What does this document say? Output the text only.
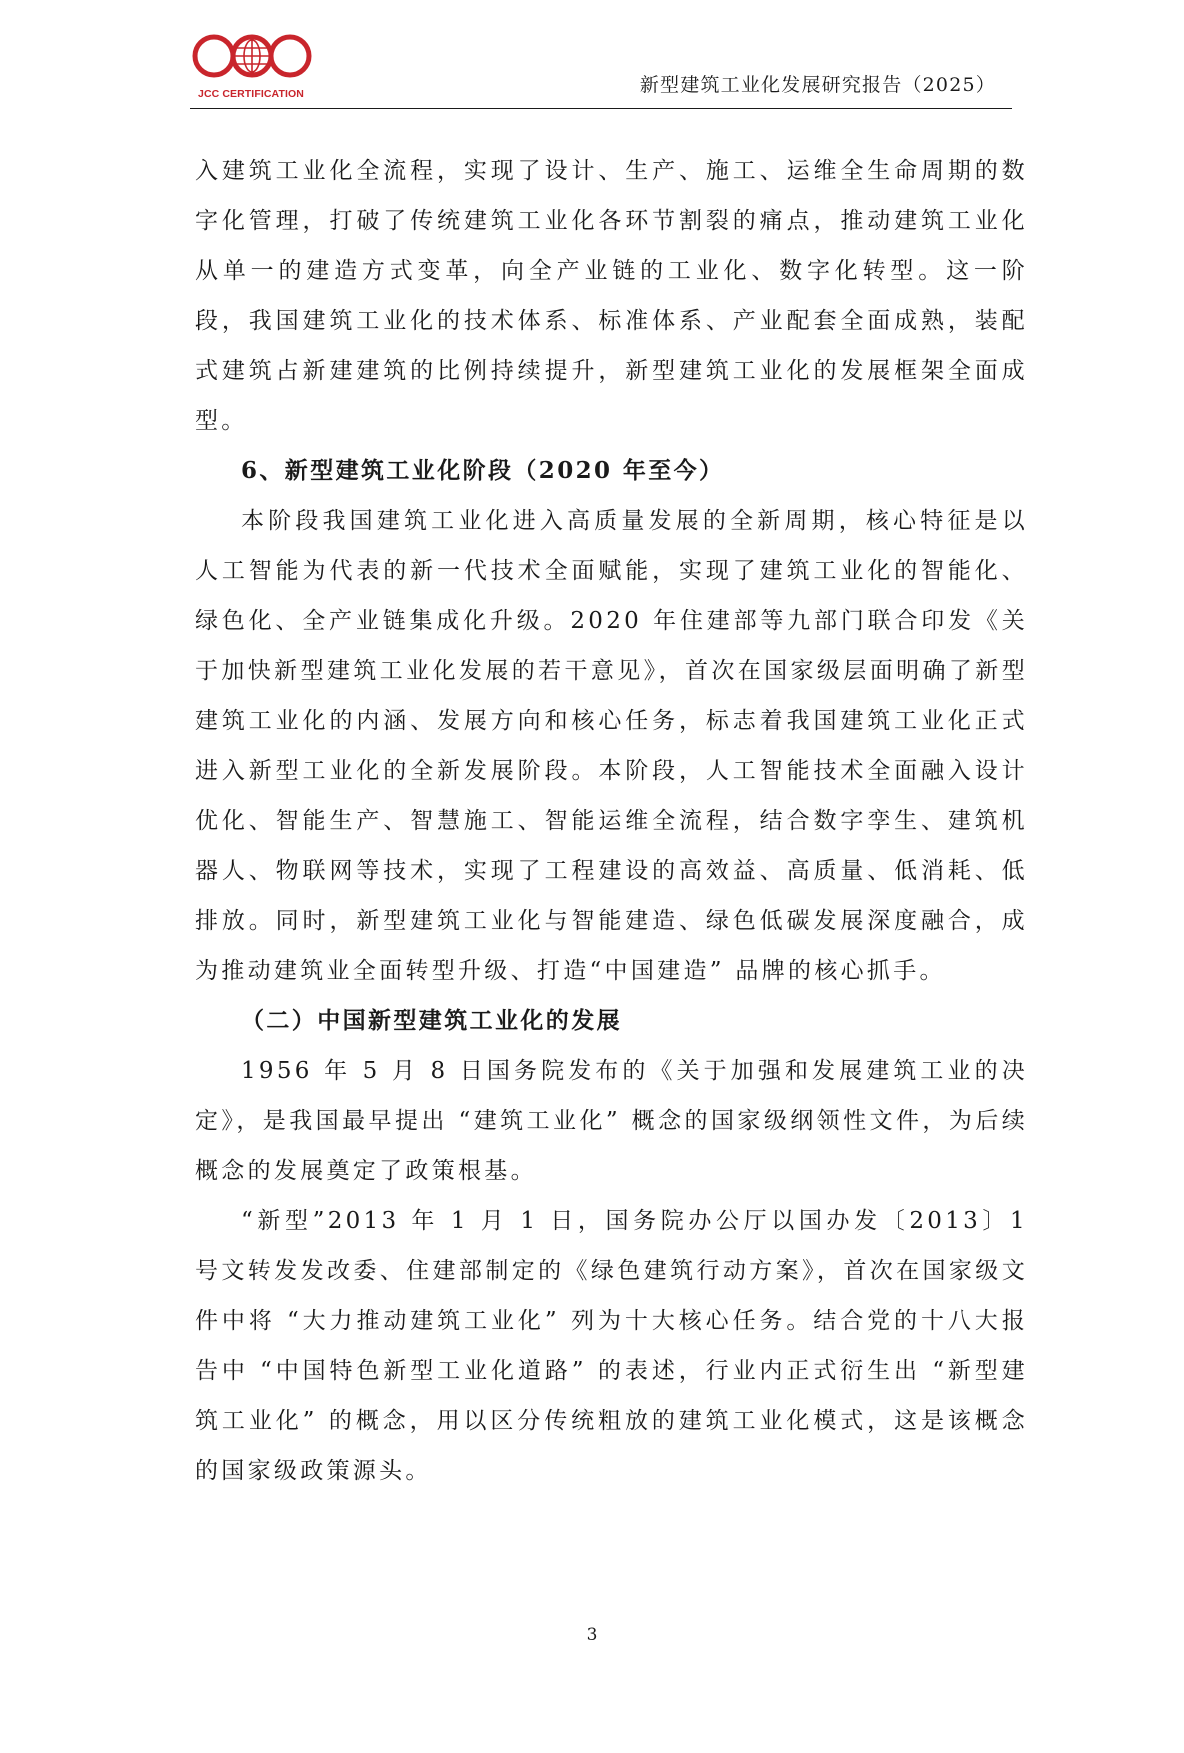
JCC CERTIFICATION	新型建筑工业化发展研究报告（2025）

入建筑工业化全流程，实现了设计、生产、施工、运维全生命周期的数字化管理，打破了传统建筑工业化各环节割裂的痛点，推动建筑工业化从单一的建造方式变革，向全产业链的工业化、数字化转型。这一阶段，我国建筑工业化的技术体系、标准体系、产业配套全面成熟，装配式建筑占新建建筑的比例持续提升，新型建筑工业化的发展框架全面成型。

6、新型建筑工业化阶段（2020 年至今）

本阶段我国建筑工业化进入高质量发展的全新周期，核心特征是以人工智能为代表的新一代技术全面赋能，实现了建筑工业化的智能化、绿色化、全产业链集成化升级。2020 年住建部等九部门联合印发《关于加快新型建筑工业化发展的若干意见》，首次在国家级层面明确了新型建筑工业化的内涵、发展方向和核心任务，标志着我国建筑工业化正式进入新型工业化的全新发展阶段。本阶段，人工智能技术全面融入设计优化、智能生产、智慧施工、智能运维全流程，结合数字孪生、建筑机器人、物联网等技术，实现了工程建设的高效益、高质量、低消耗、低排放。同时，新型建筑工业化与智能建造、绿色低碳发展深度融合，成为推动建筑业全面转型升级、打造“中国建造” 品牌的核心抓手。

（二）中国新型建筑工业化的发展

1956 年 5 月 8 日国务院发布的《关于加强和发展建筑工业的决定》，是我国最早提出 “建筑工业化” 概念的国家级纲领性文件，为后续概念的发展奠定了政策根基。

“新型”2013 年 1 月 1 日，国务院办公厅以国办发〔2013〕1 号文转发发改委、住建部制定的《绿色建筑行动方案》，首次在国家级文件中将 “大力推动建筑工业化” 列为十大核心任务。结合党的十八大报告中 “中国特色新型工业化道路” 的表述，行业内正式衍生出 “新型建筑工业化” 的概念，用以区分传统粗放的建筑工业化模式，这是该概念的国家级政策源头。

3
